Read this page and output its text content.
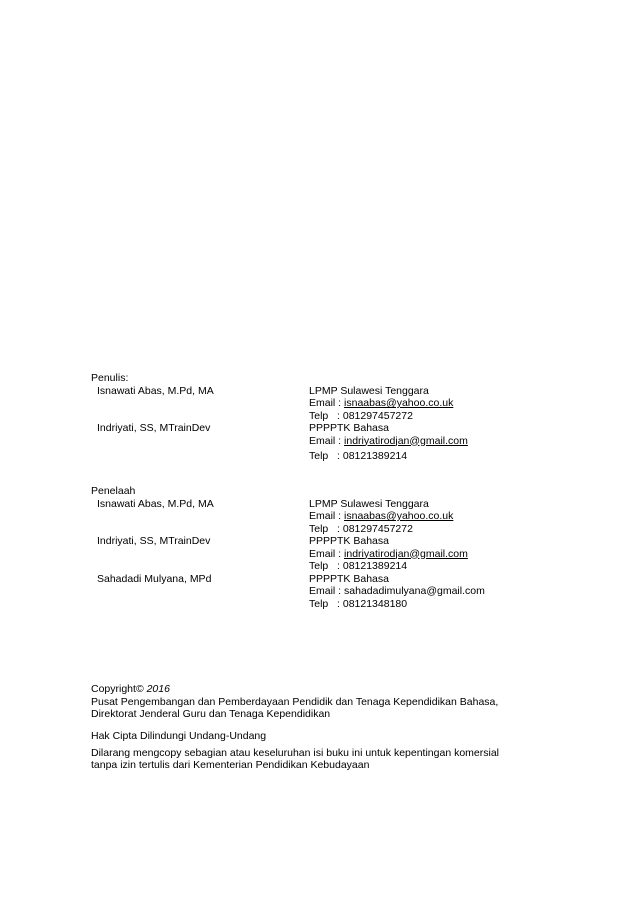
Penulis:
Isnawati Abas, M.Pd, MA	LPMP Sulawesi Tenggara
Email : isnaabas@yahoo.co.uk
Telp   : 081297457272
Indriyati, SS, MTrainDev	PPPPTK Bahasa
Email : indriyatirodjan@gmail.com
Telp   : 08121389214
Penelaah
Isnawati Abas, M.Pd, MA	LPMP Sulawesi Tenggara
Email : isnaabas@yahoo.co.uk
Telp   : 081297457272
Indriyati, SS, MTrainDev	PPPPTK Bahasa
Email : indriyatirodjan@gmail.com
Telp   : 08121389214
Sahadadi Mulyana, MPd	PPPPTK Bahasa
Email : sahadadimulyana@gmail.com
Telp   : 08121348180
Copyright© 2016
Pusat Pengembangan dan Pemberdayaan Pendidik dan Tenaga Kependidikan Bahasa,
Direktorat Jenderal Guru dan Tenaga Kependidikan
Hak Cipta Dilindungi Undang-Undang
Dilarang mengcopy sebagian atau keseluruhan isi buku ini untuk kepentingan komersial
tanpa izin tertulis dari Kementerian Pendidikan Kebudayaan
